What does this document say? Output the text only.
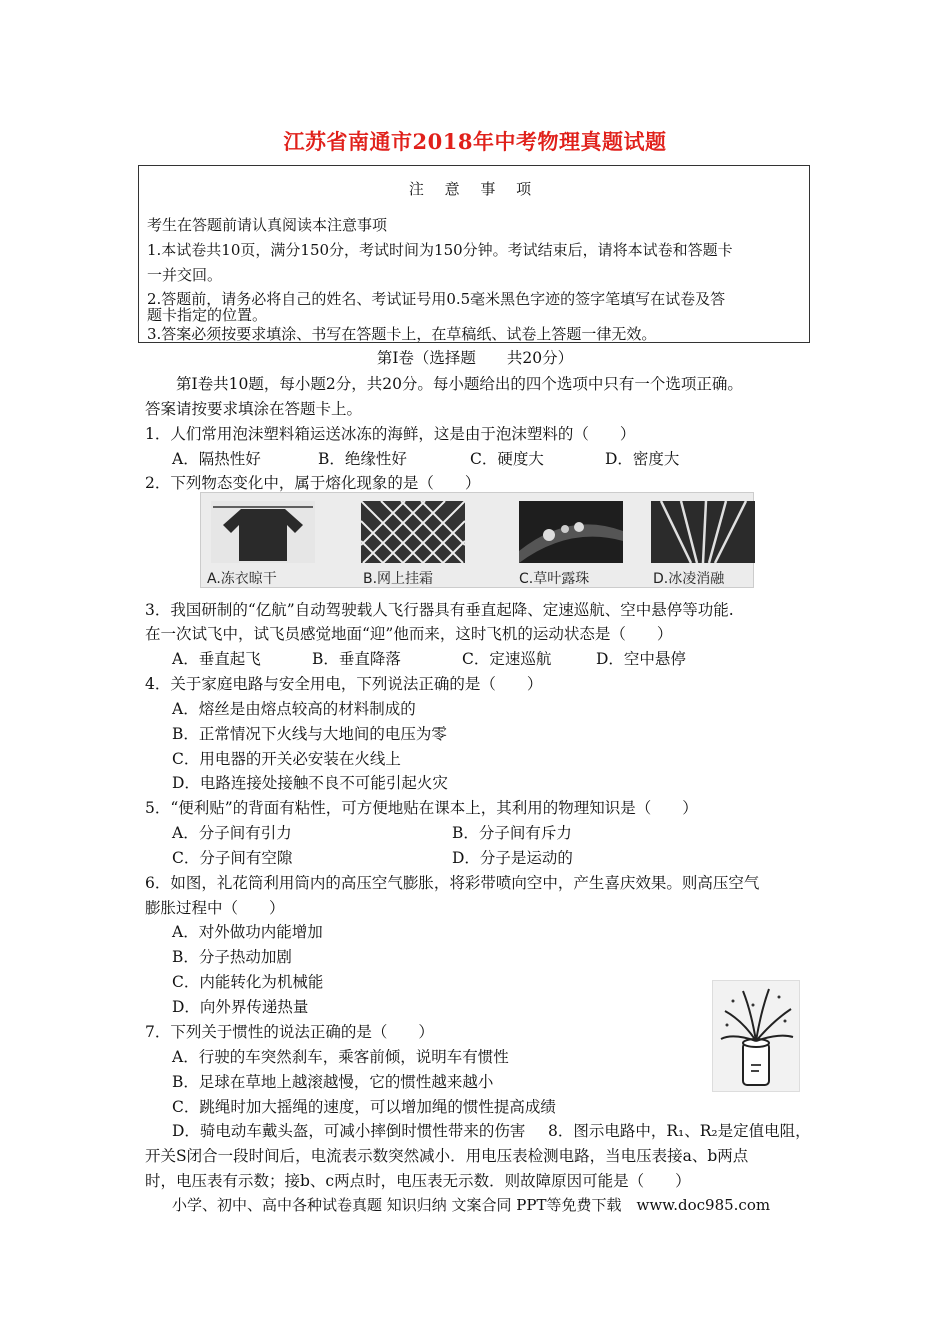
江苏省南通市2018年中考物理真题试题
注 意 事 项
考生在答题前请认真阅读本注意事项
1.本试卷共10页，满分150分，考试时间为150分钟。考试结束后，请将本试卷和答题卡
一并交回。
2.答题前，请务必将自己的姓名、考试证号用0.5毫米黑色字迹的签字笔填写在试卷及答
题卡指定的位置。
3.答案必须按要求填涂、书写在答题卡上，在草稿纸、试卷上答题一律无效。
第Ⅰ卷（选择题　　共20分）
第Ⅰ卷共10题，每小题2分，共20分。每小题给出的四个选项中只有一个选项正确。
答案请按要求填涂在答题卡上。
1．人们常用泡沫塑料箱运送冰冻的海鲜，这是由于泡沫塑料的（　　）
A．隔热性好	B．绝缘性好	C．硬度大	D．密度大
2．下列物态变化中，属于熔化现象的是（　　）
A.冻衣晾干	B.网上挂霜	C.草叶露珠	D.冰凌消融
3．我国研制的“亿航”自动驾驶载人飞行器具有垂直起降、定速巡航、空中悬停等功能.
在一次试飞中，试飞员感觉地面“迎”他而来，这时飞机的运动状态是（　　）
A．垂直起飞	B．垂直降落	C．定速巡航	D．空中悬停
4．关于家庭电路与安全用电，下列说法正确的是（　　）
A．熔丝是由熔点较高的材料制成的
B．正常情况下火线与大地间的电压为零
C．用电器的开关必安装在火线上
D．电路连接处接触不良不可能引起火灾
5．“便利贴”的背面有粘性，可方便地贴在课本上，其利用的物理知识是（　　）
A．分子间有引力	B．分子间有斥力
C．分子间有空隙	D．分子是运动的
6．如图，礼花筒利用筒内的高压空气膨胀，将彩带喷向空中，产生喜庆效果。则高压空气
膨胀过程中（　　）
A．对外做功内能增加
B．分子热动加剧
C．内能转化为机械能
D．向外界传递热量
7．下列关于惯性的说法正确的是（　　）
A．行驶的车突然刹车，乘客前倾，说明车有惯性
B．足球在草地上越滚越慢，它的惯性越来越小
C．跳绳时加大摇绳的速度，可以增加绳的惯性提高成绩
D．骑电动车戴头盔，可减小摔倒时惯性带来的伤害 8．图示电路中，R₁、R₂是定值电阻，
开关S闭合一段时间后，电流表示数突然减小．用电压表检测电路，当电压表接a、b两点
时，电压表有示数；接b、c两点时，电压表无示数．则故障原因可能是（　　）
小学、初中、高中各种试卷真题 知识归纳 文案合同 PPT等免费下载　www.doc985.com
